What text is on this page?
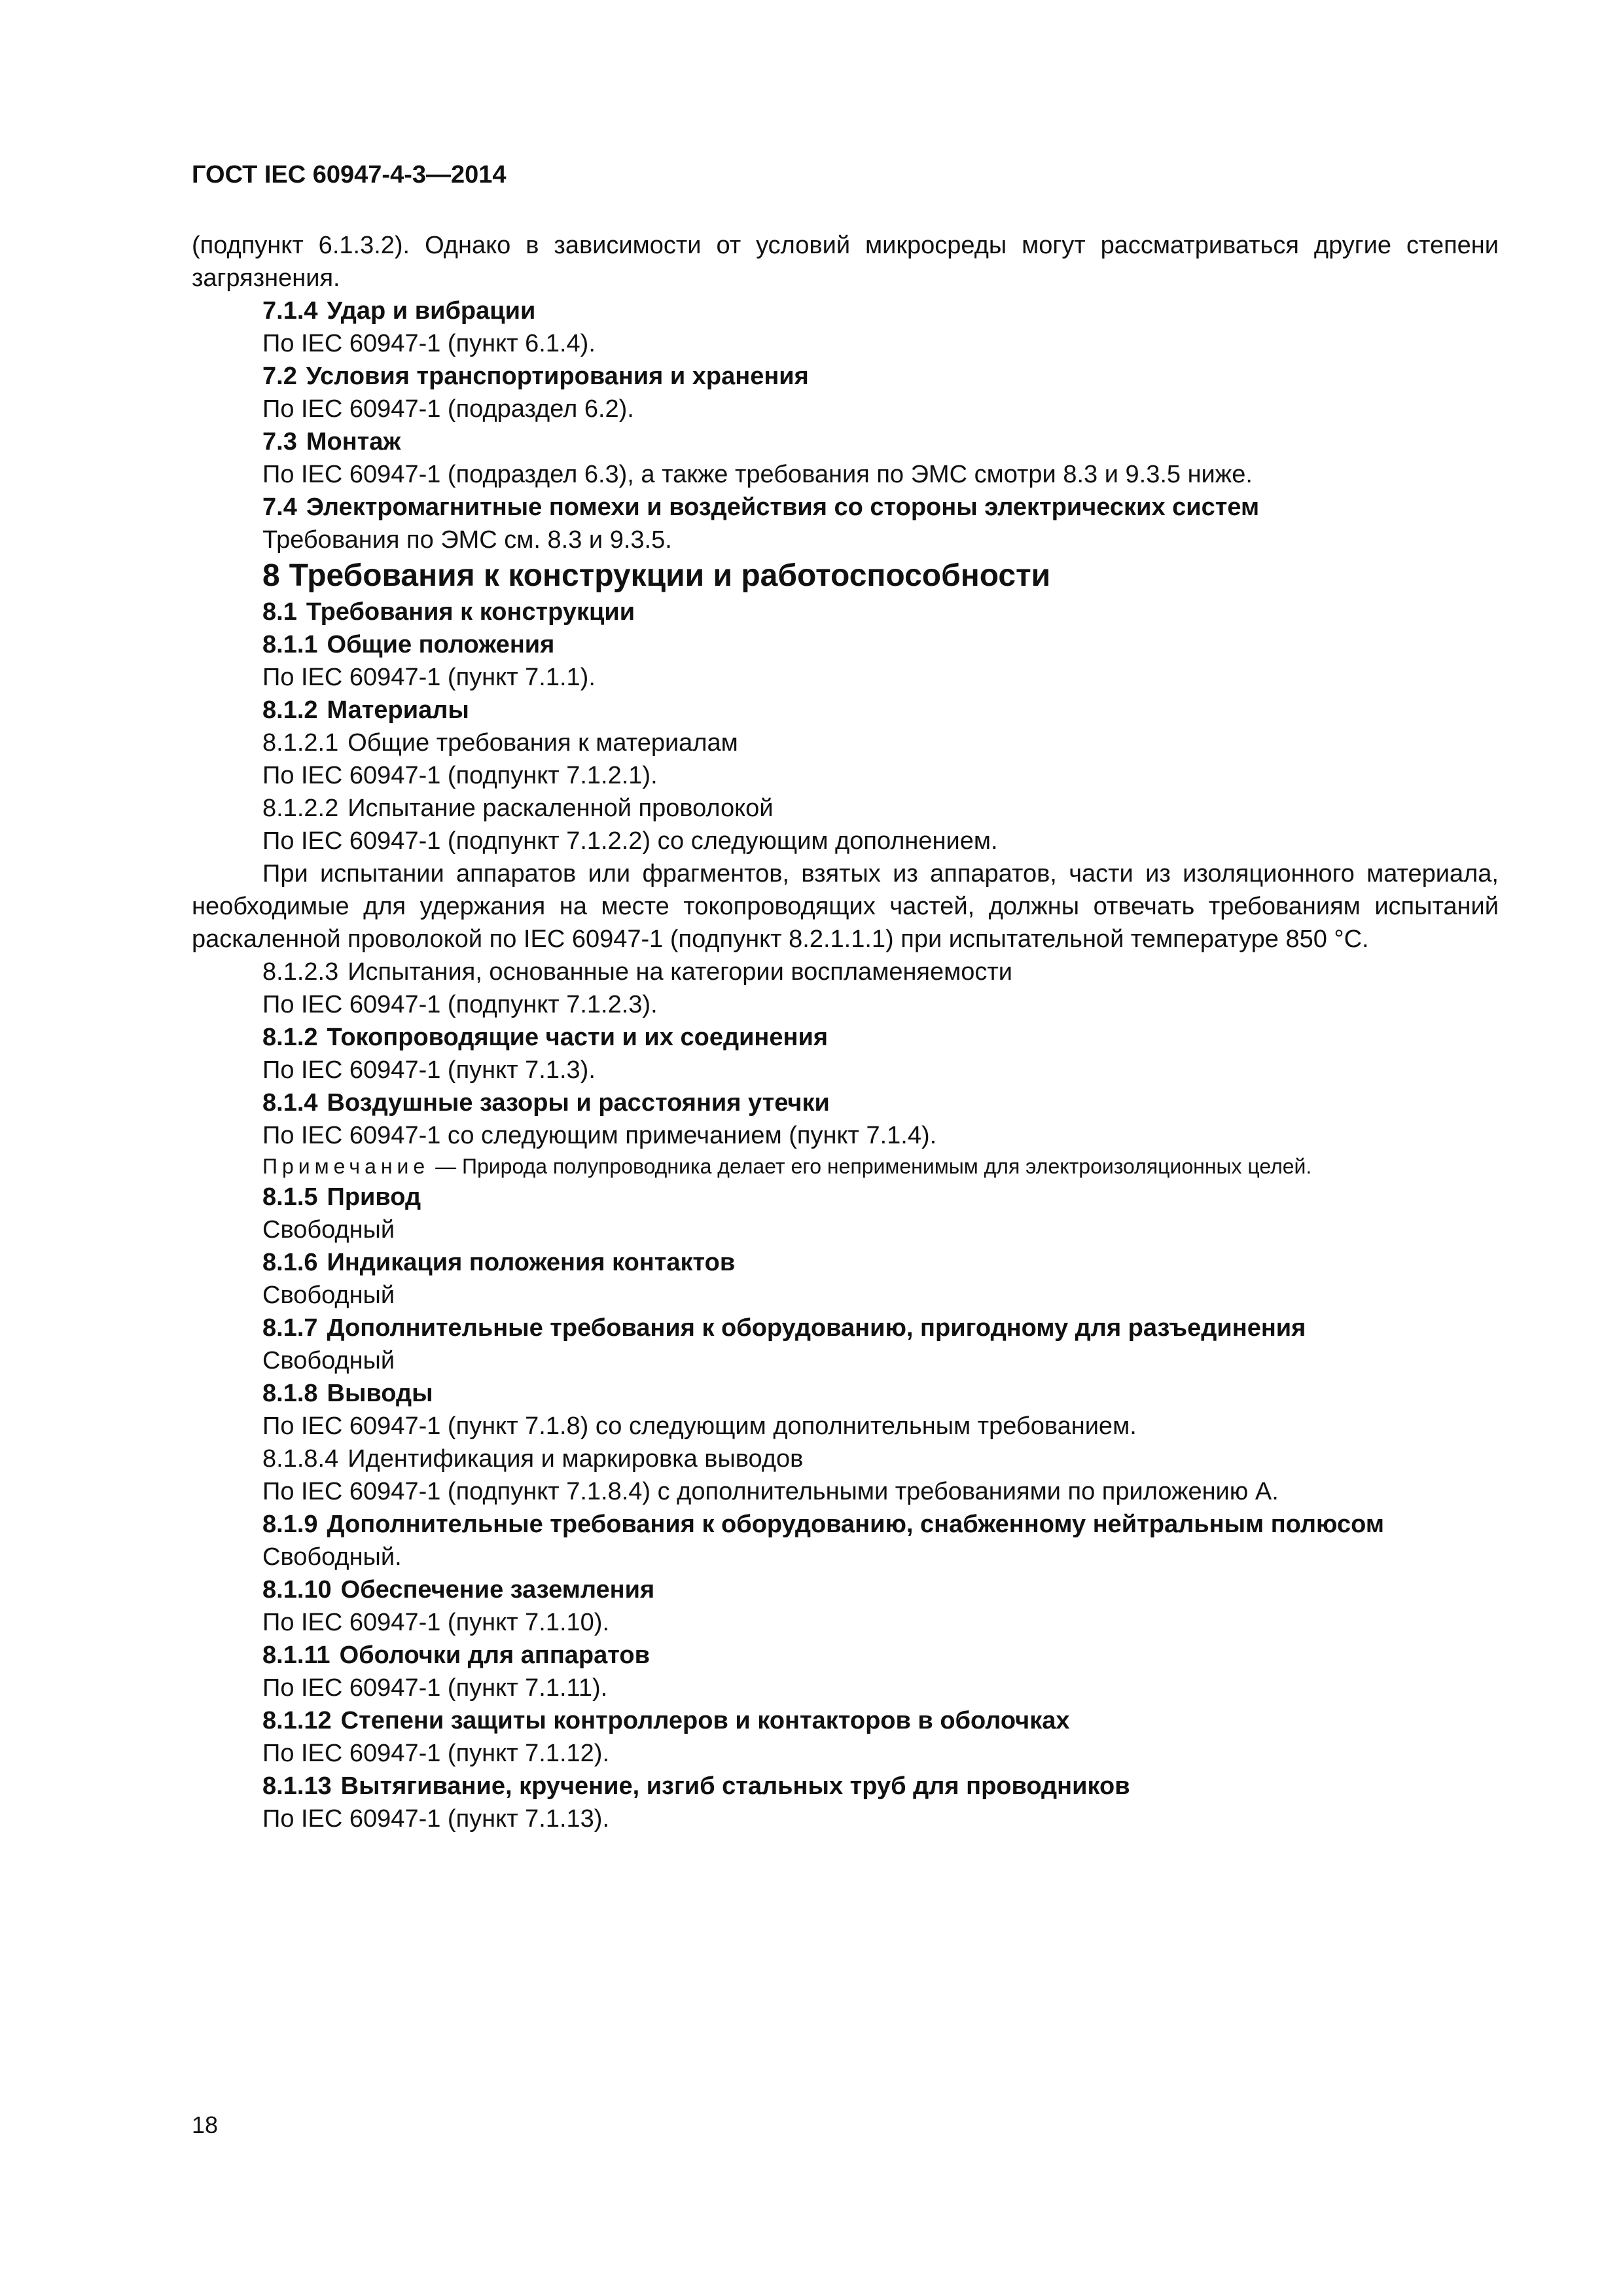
ГОСТ IEC 60947-4-3—2014

(подпункт 6.1.3.2). Однако в зависимости от условий микросреды могут рассматриваться другие степени загрязнения.

7.1.4 Удар и вибрации

По IEC 60947-1 (пункт 6.1.4).

7.2 Условия транспортирования и хранения

По IEC 60947-1 (подраздел 6.2).

7.3 Монтаж

По IEC 60947-1 (подраздел 6.3), а также требования по ЭМС смотри 8.3 и 9.3.5 ниже.

7.4 Электромагнитные помехи и воздействия со стороны электрических систем

Требования по ЭМС см. 8.3 и 9.3.5.

8 Требования к конструкции и работоспособности

8.1 Требования к конструкции

8.1.1 Общие положения

По IEC 60947-1 (пункт 7.1.1).

8.1.2 Материалы

8.1.2.1 Общие требования к материалам

По IEC 60947-1 (подпункт 7.1.2.1).

8.1.2.2 Испытание раскаленной проволокой

По IEC 60947-1 (подпункт 7.1.2.2) со следующим дополнением.

При испытании аппаратов или фрагментов, взятых из аппаратов, части из изоляционного материала, необходимые для удержания на месте токопроводящих частей, должны отвечать требованиям испытаний раскаленной проволокой по IEC 60947-1 (подпункт 8.2.1.1.1) при испытательной температуре 850 °С.

8.1.2.3 Испытания, основанные на категории воспламеняемости

По IEC 60947-1 (подпункт 7.1.2.3).

8.1.2 Токопроводящие части и их соединения

По IEC 60947-1 (пункт 7.1.3).

8.1.4 Воздушные зазоры и расстояния утечки

По IEC 60947-1 со следующим примечанием (пункт 7.1.4).

Примечание — Природа полупроводника делает его неприменимым для электроизоляционных целей.

8.1.5 Привод

Свободный

8.1.6 Индикация положения контактов

Свободный

8.1.7 Дополнительные требования к оборудованию, пригодному для разъединения

Свободный

8.1.8 Выводы

По IEC 60947-1 (пункт 7.1.8) со следующим дополнительным требованием.

8.1.8.4 Идентификация и маркировка выводов

По IEC 60947-1 (подпункт 7.1.8.4) с дополнительными требованиями по приложению А.

8.1.9 Дополнительные требования к оборудованию, снабженному нейтральным полюсом

Свободный.

8.1.10 Обеспечение заземления

По IEC 60947-1 (пункт 7.1.10).

8.1.11 Оболочки для аппаратов

По IEC 60947-1 (пункт 7.1.11).

8.1.12 Степени защиты контроллеров и контакторов в оболочках

По IEC 60947-1 (пункт 7.1.12).

8.1.13 Вытягивание, кручение, изгиб стальных труб для проводников

По IEC 60947-1 (пункт 7.1.13).

18
